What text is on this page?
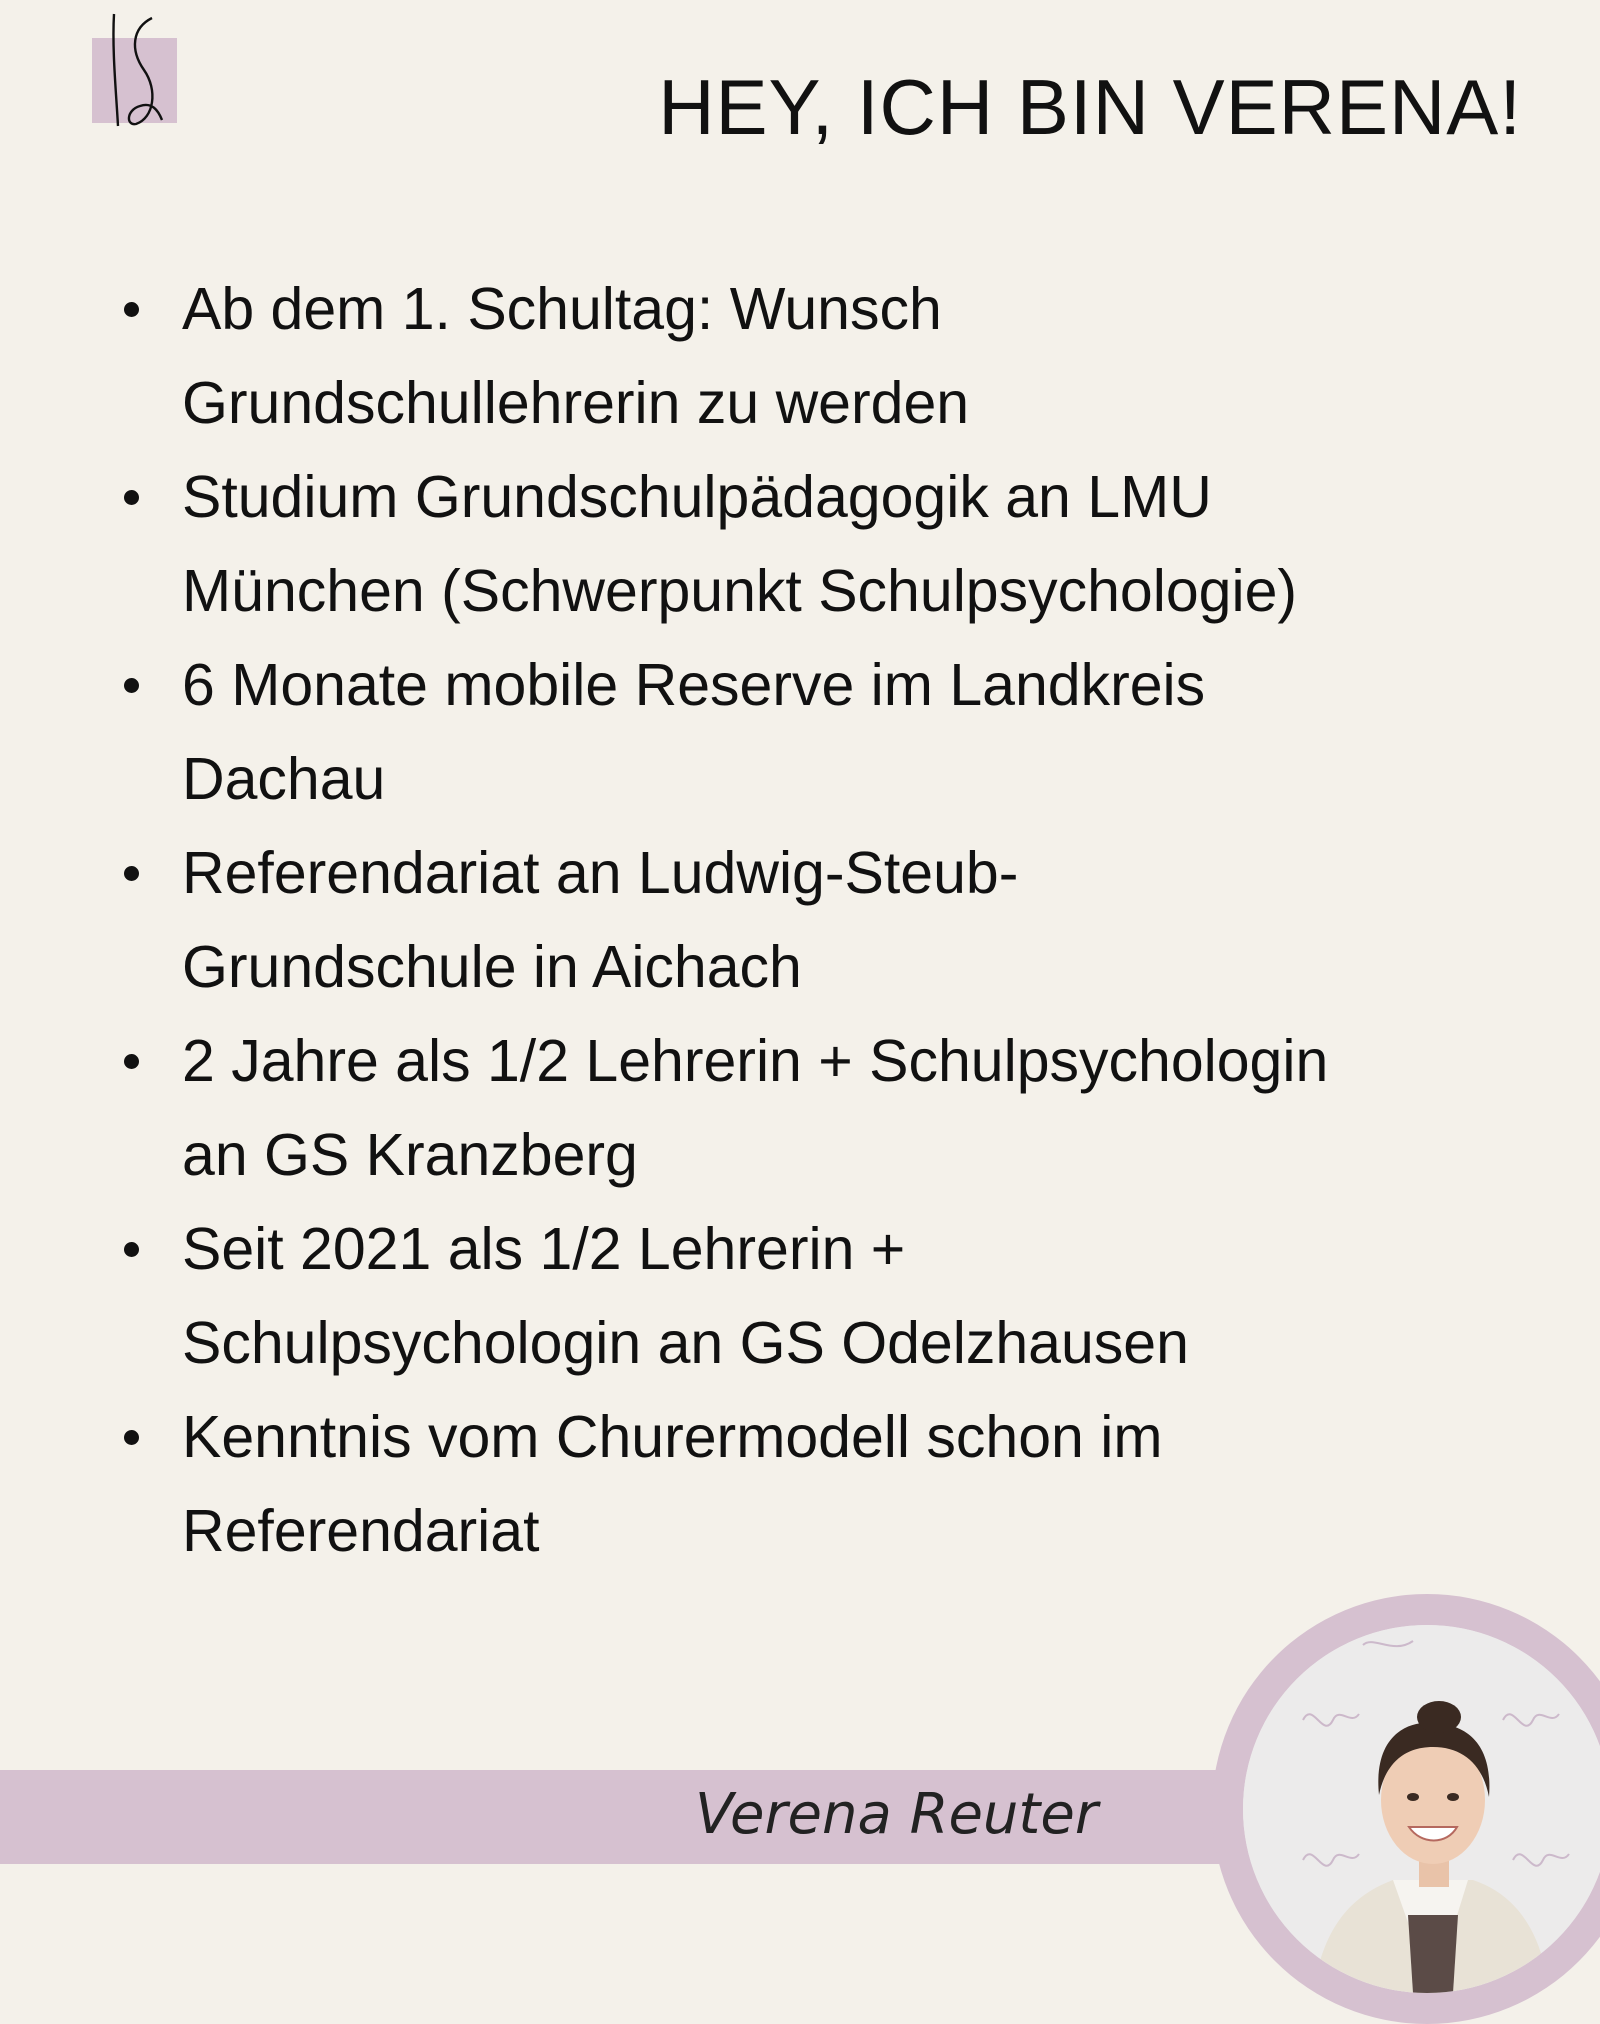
HEY, ICH BIN VERENA!
Ab dem 1. Schultag: Wunsch
Grundschullehrerin zu werden
Studium Grundschulpädagogik an LMU
München (Schwerpunkt Schulpsychologie)
6 Monate mobile Reserve im Landkreis
Dachau
Referendariat an Ludwig-Steub-
Grundschule in Aichach
2 Jahre als 1/2 Lehrerin + Schulpsychologin
an GS Kranzberg
Seit 2021 als 1/2 Lehrerin +
Schulpsychologin an GS Odelzhausen
Kenntnis vom Churermodell schon im
Referendariat
Verena Reuter
